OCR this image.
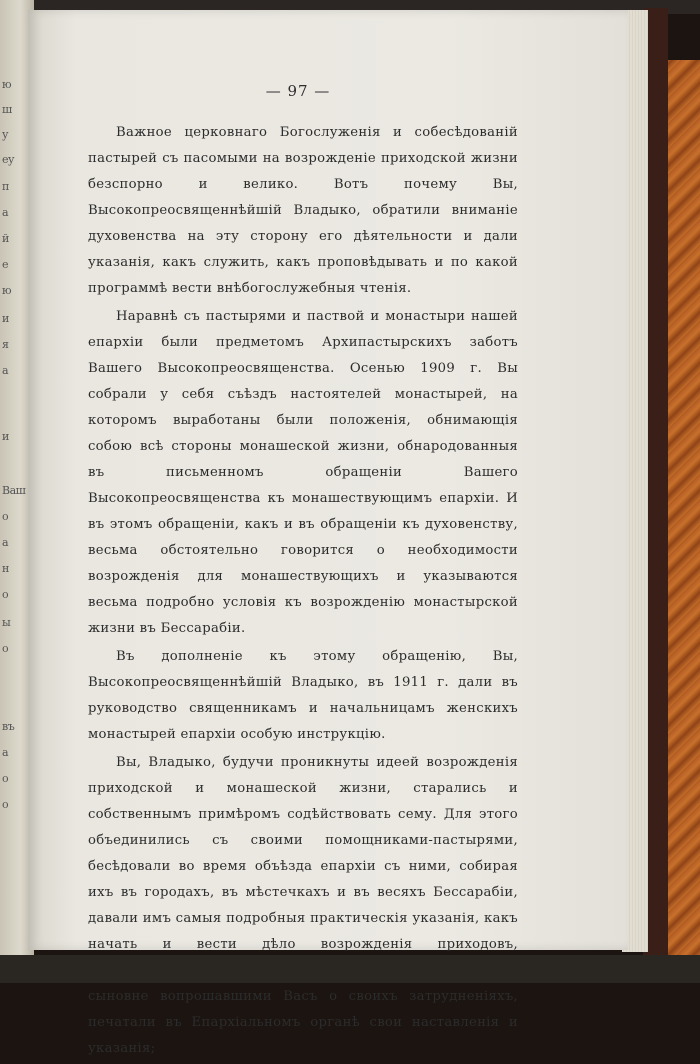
ю
ш
у
еу
п
а
й
е
ю
и
я
а
и
Ваш
о
а
н
о
ы
о
въ
а
о
о
— 97 —

Важное церковнаго Богослуженія и собесѣдованій пастырей съ пасомыми на возрожденіе приходской жизни безспорно и велико. Вотъ почему Вы, Высокопреосвященнѣйшій Владыко, обратили вниманіе духовенства на эту сторону его дѣятельности и дали указанія, какъ служить, какъ проповѣдывать и по какой программѣ вести внѣбогослужебныя чтенія.

Наравнѣ съ пастырями и паствой и монастыри нашей епархіи были предметомъ Архипастырскихъ заботъ Вашего Высокопреосвященства. Осенью 1909 г. Вы собрали у себя съѣздъ настоятелей монастырей, на которомъ выработаны были положенія, обнимающія собою всѣ стороны монашеской жизни, обнародованныя въ письменномъ обращеніи Вашего Высокопреосвященства къ монашествующимъ епархіи. И въ этомъ обращеніи, какъ и въ обращеніи къ духовенству, весьма обстоятельно говорится о необходимости возрожденія для монашествующихъ и указываются весьма подробно условія къ возрожденію монастырской жизни въ Бессарабіи.

Въ дополненіе къ этому обращенію, Вы, Высокопреосвященнѣйшій Владыко, въ 1911 г. дали въ руководство священникамъ и начальницамъ женскихъ монастырей епархіи особую инструкцію.

Вы, Владыко, будучи проникнуты идеей возрожденія приходской и монашеской жизни, старались и собственнымъ примѣромъ содѣйствовать сему. Для этого объединились съ своими помощниками-пастырями, бесѣдовали во время объѣзда епархіи съ ними, собирая ихъ въ городахъ, въ мѣстечкахъ и въ весяхъ Бессарабіи, давали имъ самыя подробныя практическія указанія, какъ начать и вести дѣло возрожденія приходовъ, сыновне вопрошавшими Васъ о своихъ затрудненіяхъ, печатали въ Епархіальномъ органѣ свои наставленія и указанія;
